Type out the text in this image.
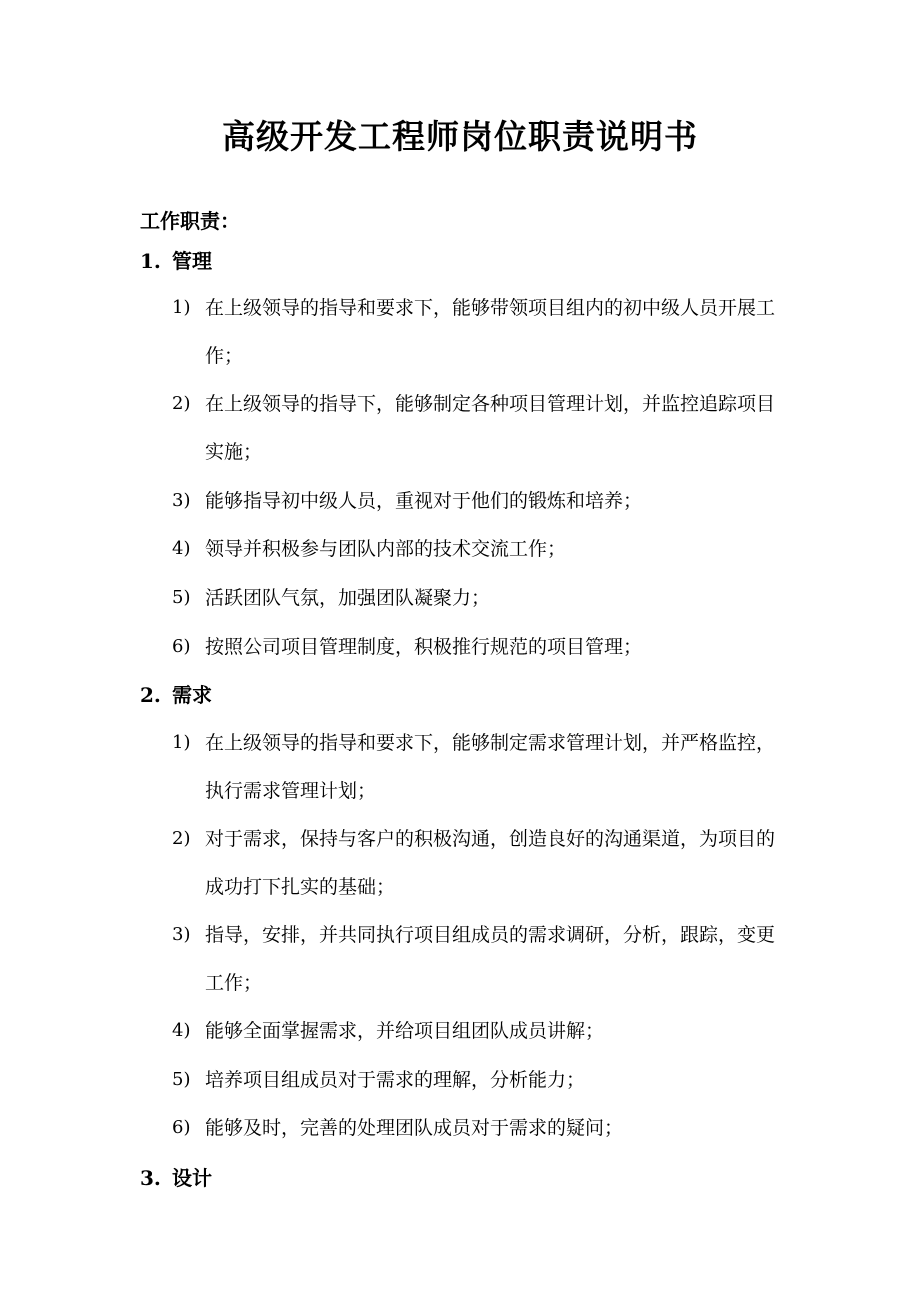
高级开发工程师岗位职责说明书
工作职责：
1. 管理
1) 在上级领导的指导和要求下，能够带领项目组内的初中级人员开展工作；
2) 在上级领导的指导下，能够制定各种项目管理计划，并监控追踪项目实施；
3) 能够指导初中级人员，重视对于他们的锻炼和培养；
4) 领导并积极参与团队内部的技术交流工作；
5) 活跃团队气氛，加强团队凝聚力；
6) 按照公司项目管理制度，积极推行规范的项目管理；
2. 需求
1) 在上级领导的指导和要求下，能够制定需求管理计划，并严格监控，执行需求管理计划；
2) 对于需求，保持与客户的积极沟通，创造良好的沟通渠道，为项目的成功打下扎实的基础；
3) 指导，安排，并共同执行项目组成员的需求调研，分析，跟踪，变更工作；
4) 能够全面掌握需求，并给项目组团队成员讲解；
5) 培养项目组成员对于需求的理解，分析能力；
6) 能够及时，完善的处理团队成员对于需求的疑问；
3. 设计
